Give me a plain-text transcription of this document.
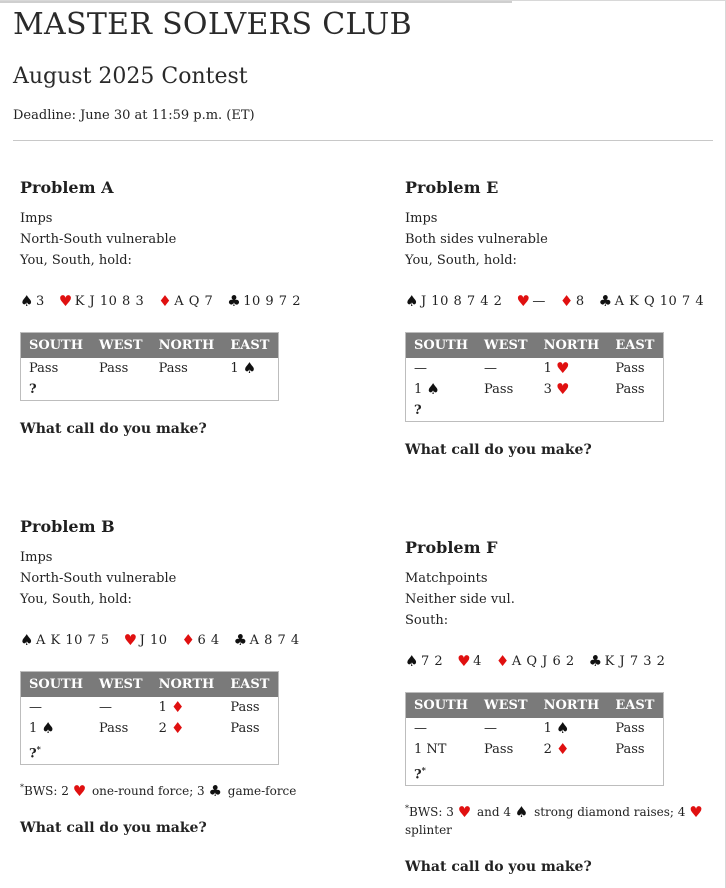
MASTER SOLVERS CLUB
August 2025 Contest
Deadline: June 30 at 11:59 p.m. (ET)
Problem A
Imps
North-South vulnerable
You, South, hold:
♠ 3 ♥ K J 10 8 3 ♦ A Q 7 ♣ 10 9 7 2
SOUTH	WEST	NORTH	EAST
Pass	Pass	Pass	1 ♠
?			
What call do you make?
Problem B
Imps
North-South vulnerable
You, South, hold:
♠ A K 10 7 5 ♥ J 10 ♦ 6 4 ♣ A 8 7 4
SOUTH	WEST	NORTH	EAST
—	—	1 ♦	Pass
1 ♠	Pass	2 ♦	Pass
?*			
*BWS: 2 ♥ one-round force; 3 ♣ game-force
What call do you make?
Problem E
Imps
Both sides vulnerable
You, South, hold:
♠ J 10 8 7 4 2 ♥ — ♦ 8 ♣ A K Q 10 7 4
SOUTH	WEST	NORTH	EAST
—	—	1 ♥	Pass
1 ♠	Pass	3 ♥	Pass
?			
What call do you make?
Problem F
Matchpoints
Neither side vul.
South:
♠ 7 2 ♥ 4 ♦ A Q J 6 2 ♣ K J 7 3 2
SOUTH	WEST	NORTH	EAST
—	—	1 ♠	Pass
1 NT	Pass	2 ♦	Pass
?*			
*BWS: 3 ♥ and 4 ♠ strong diamond raises; 4 ♥ splinter
What call do you make?
